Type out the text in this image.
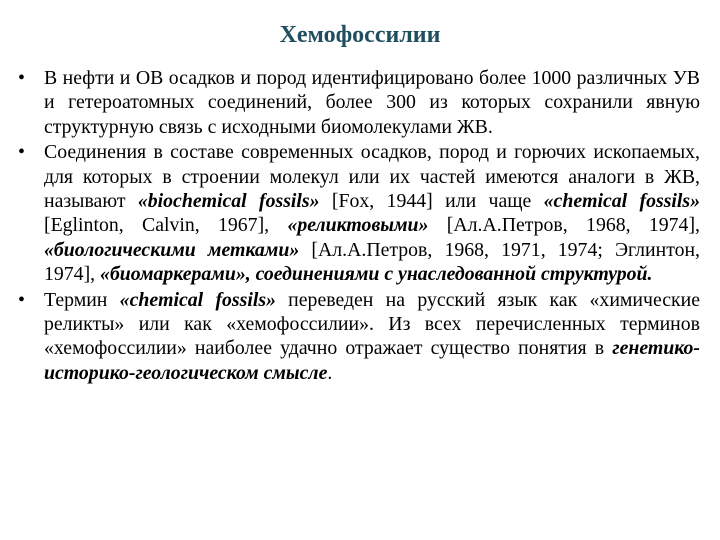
Хемофоссилии
• В нефти и ОВ осадков и пород идентифицировано более 1000 различных УВ и гетероатомных соединений, более 300 из которых сохранили явную структурную связь с исходными биомолекулами ЖВ.
• Соединения в составе современных осадков, пород и горючих ископаемых, для которых в строении молекул или их частей имеются аналоги в ЖВ, называют «biochemical fossils» [Fox, 1944] или чаще «chemical fossils» [Eglinton, Calvin, 1967], «реликтовыми» [Ал.А.Петров, 1968, 1974], «биологическими метками» [Ал.А.Петров, 1968, 1971, 1974; Эглинтон, 1974], «биомаркерами», соединениями с унаследованной структурой.
• Термин «chemical fossils» переведен на русский язык как «химические реликты» или как «хемофоссилии». Из всех перечисленных терминов «хемофоссилии» наиболее удачно отражает существо понятия в генетико-историко-геологическом смысле.
